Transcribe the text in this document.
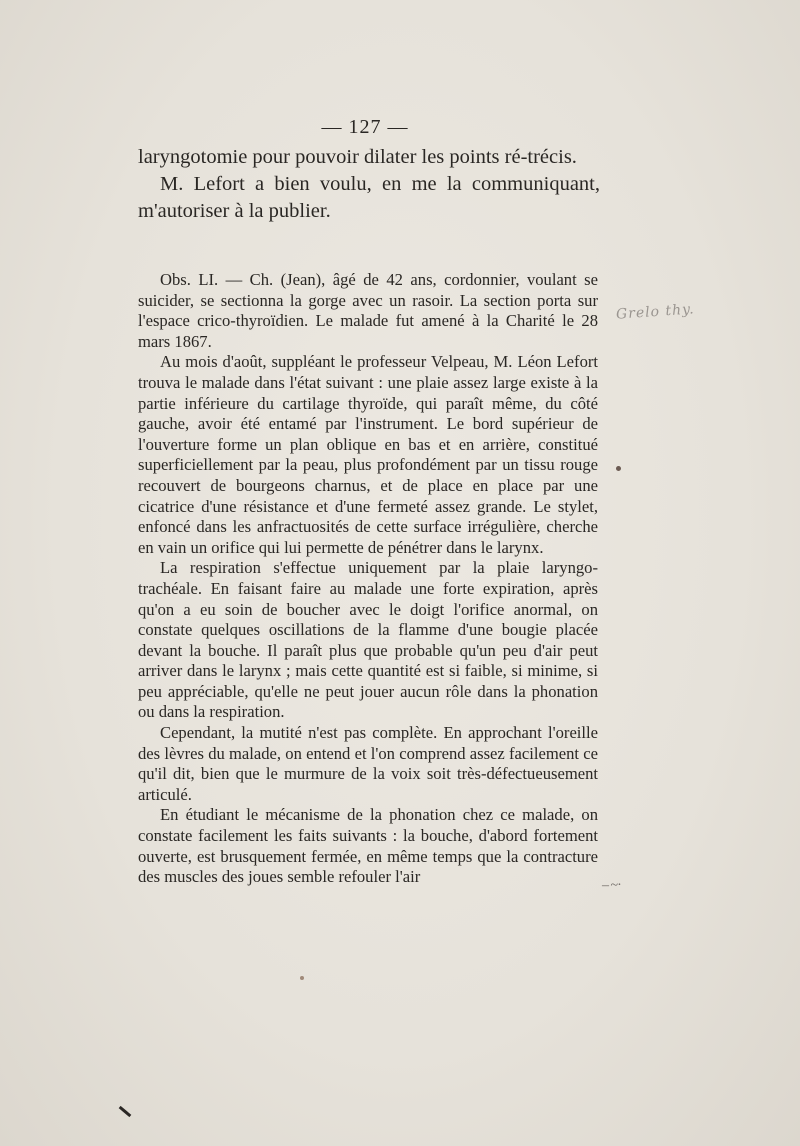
— 127 —

laryngotomie pour pouvoir dilater les points ré-trécis.

M. Lefort a bien voulu, en me la communiquant, m'autoriser à la publier.

Obs. LI. — Ch. (Jean), âgé de 42 ans, cordonnier, voulant se suicider, se sectionna la gorge avec un rasoir. La section porta sur l'espace crico-thyroïdien. Le malade fut amené à la Charité le 28 mars 1867.

Au mois d'août, suppléant le professeur Velpeau, M. Léon Lefort trouva le malade dans l'état suivant : une plaie assez large existe à la partie inférieure du cartilage thyroïde, qui paraît même, du côté gauche, avoir été entamé par l'instrument. Le bord supérieur de l'ouverture forme un plan oblique en bas et en arrière, constitué superficiellement par la peau, plus profondément par un tissu rouge recouvert de bourgeons charnus, et de place en place par une cicatrice d'une résistance et d'une fermeté assez grande. Le stylet, enfoncé dans les anfractuosités de cette surface irrégulière, cherche en vain un orifice qui lui permette de pénétrer dans le larynx.

La respiration s'effectue uniquement par la plaie laryngo-trachéale. En faisant faire au malade une forte expiration, après qu'on a eu soin de boucher avec le doigt l'orifice anormal, on constate quelques oscillations de la flamme d'une bougie placée devant la bouche. Il paraît plus que probable qu'un peu d'air peut arriver dans le larynx ; mais cette quantité est si faible, si minime, si peu appréciable, qu'elle ne peut jouer aucun rôle dans la phonation ou dans la respiration.

Cependant, la mutité n'est pas complète. En approchant l'oreille des lèvres du malade, on entend et l'on comprend assez facilement ce qu'il dit, bien que le murmure de la voix soit très-défectueusement articulé.

En étudiant le mécanisme de la phonation chez ce malade, on constate facilement les faits suivants : la bouche, d'abord fortement ouverte, est brusquement fermée, en même temps que la contracture des muscles des joues semble refouler l'air

Grelo thy.
‒ ~·
